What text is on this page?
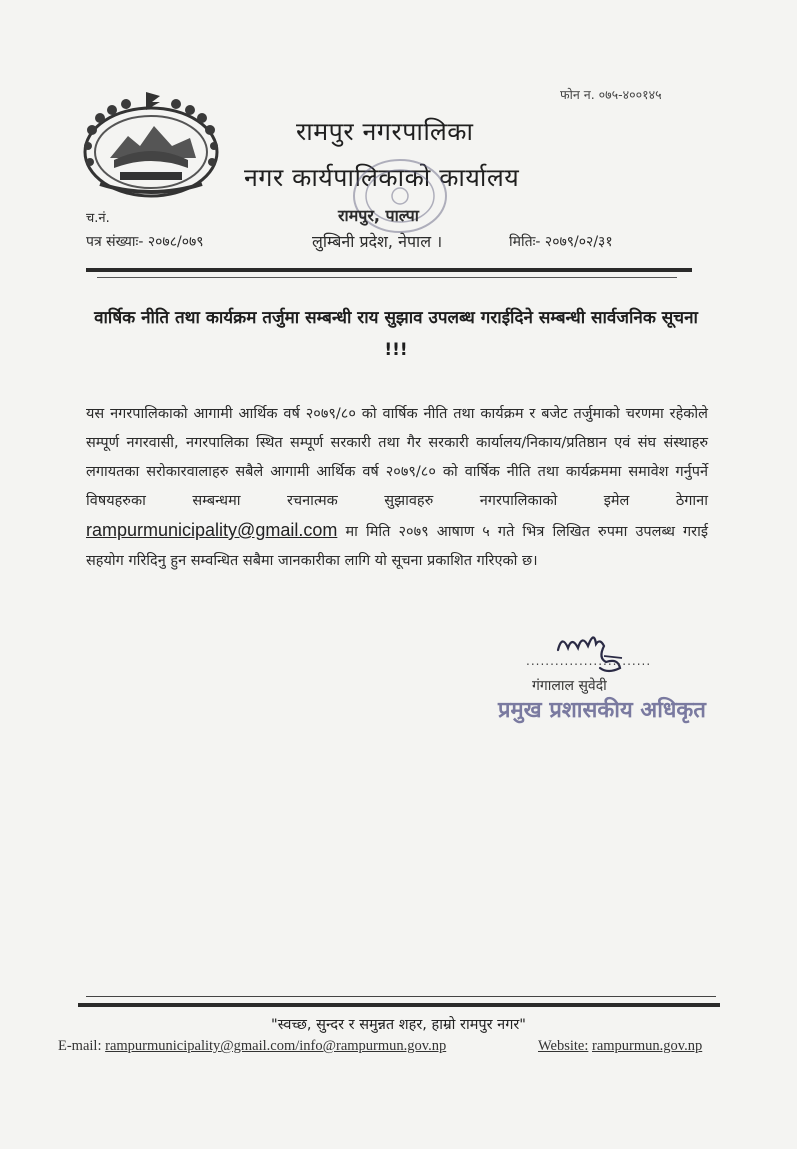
फोन न. ०७५-४००१४५
रामपुर नगरपालिका
नगर कार्यपालिकाको कार्यालय
च.नं.	रामपुर, पाल्पा
पत्र संख्याः- २०७८/०७९	लुम्बिनी प्रदेश, नेपाल ।	मितिः- २०७९/०२/३१
वार्षिक नीति तथा कार्यक्रम तर्जुमा सम्बन्धी राय सुझाव उपलब्ध गराईदिने सम्बन्धी सार्वजनिक सूचना !!!
यस नगरपालिकाको आगामी आर्थिक वर्ष २०७९/८० को वार्षिक नीति तथा कार्यक्रम र बजेट तर्जुमाको चरणमा रहेकोले सम्पूर्ण नगरवासी, नगरपालिका स्थित सम्पूर्ण सरकारी तथा गैर सरकारी कार्यालय/निकाय/प्रतिष्ठान एवं संघ संस्थाहरु लगायतका सरोकारवालाहरु सबैले आगामी आर्थिक वर्ष २०७९/८० को वार्षिक नीति तथा कार्यक्रममा समावेश गर्नुपर्ने विषयहरुका सम्बन्धमा रचनात्मक सुझावहरु नगरपालिकाको इमेल ठेगाना rampurmunicipality@gmail.com मा मिति २०७९ आषाण ५ गते भित्र लिखित रुपमा उपलब्ध गराई सहयोग गरिदिनु हुन सम्वन्धित सबैमा जानकारीका लागि यो सूचना प्रकाशित गरिएको छ।
..........................
गंगालाल सुवेदी
प्रमुख प्रशासकीय अधिकृत
"स्वच्छ, सुन्दर र समुन्नत शहर, हाम्रो रामपुर नगर"
E-mail: rampurmunicipality@gmail.com/info@rampurmun.gov.np	Website: rampurmun.gov.np
